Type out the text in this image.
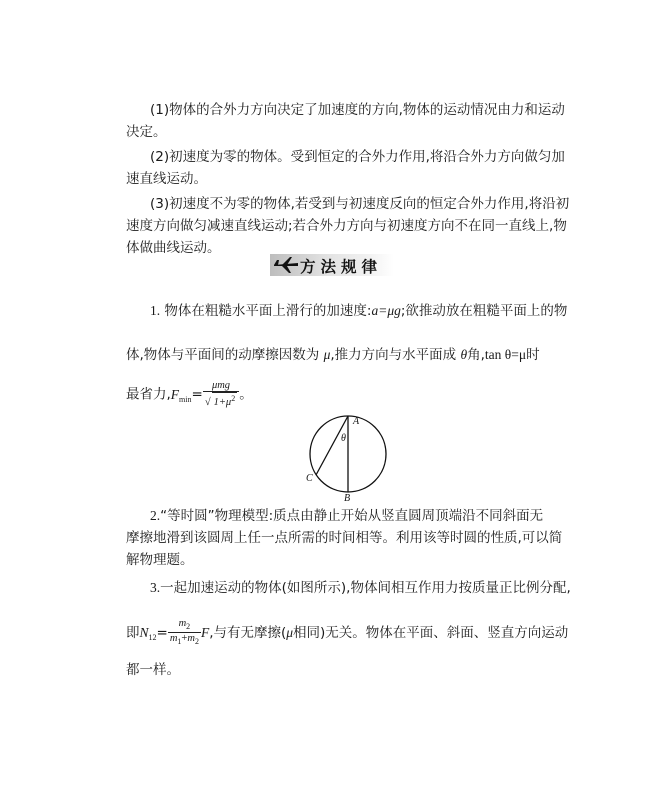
(1)物体的合外力方向决定了加速度的方向,物体的运动情况由力和运动

决定。

(2)初速度为零的物体。受到恒定的合外力作用,将沿合外力方向做匀加

速直线运动。

(3)初速度不为零的物体,若受到与初速度反向的恒定合外力作用,将沿初

速度方向做匀减速直线运动;若合外力方向与初速度方向不在同一直线上,物

体做曲线运动。

方法规律

1. 物体在粗糙水平面上滑行的加速度:a=μg;欲推动放在粗糙平面上的物

体,物体与平面间的动摩擦因数为 μ,推力方向与水平面成 θ角,tan θ=μ时

最省力$,F_{min}= \frac{\text{μmg}}{√ 1+\mu^2}$ 。
A
θ
C
B

2.“等时圆”物理模型:质点由静止开始从竖直圆周顶端沿不同斜面无

摩擦地滑到该圆周上任一点所需的时间相等。利用该等时圆的性质,可以简

解物理题。

3.一起加速运动的物体(如图所示),物体间相互作用力按质量正比例分配,

即$N_{12}= \frac{m_2}{m_1+m_2} F$,与有无摩擦(μ相同)无关。物体在平面、斜面、竖直方向运动

都一样。
